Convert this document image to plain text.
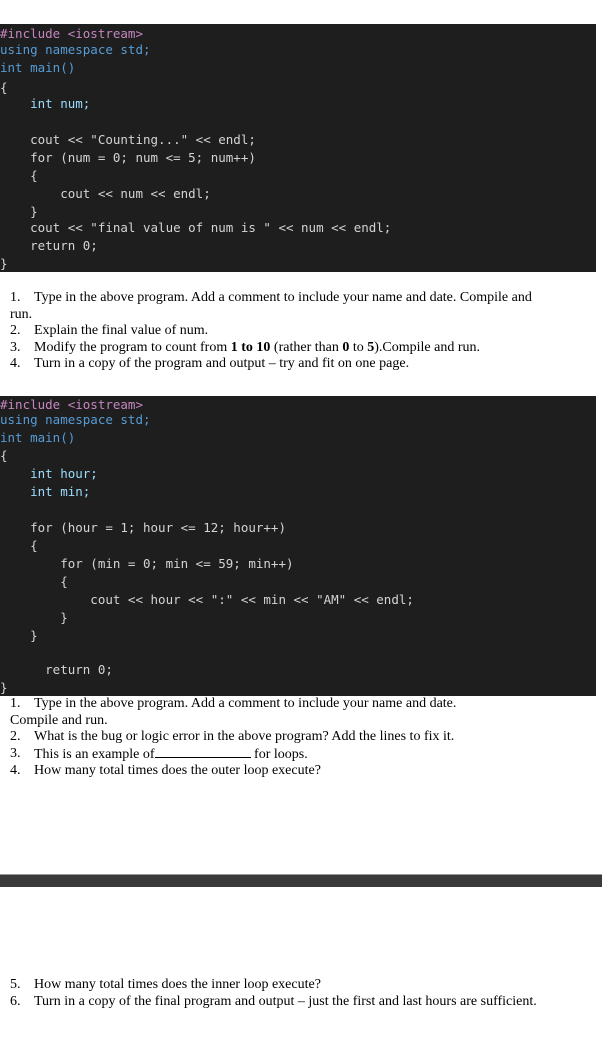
#include <iostream>

using namespace std;

int main()

{

int num;

cout << "Counting..." << endl;

for (num = 0; num <= 5; num++)

{

cout << num << endl;

}

cout << "final value of num is " << num << endl;

return 0;

}

1. Type in the above program. Add a comment to include your name and date. Compile and
run.
2. Explain the final value of num.
3. Modify the program to count from 1 to 10 (rather than 0 to 5).Compile and run.
4. Turn in a copy of the program and output – try and fit on one page.

#include <iostream>

using namespace std;

int main()

{

int hour;

int min;

for (hour = 1; hour <= 12; hour++)

{

for (min = 0; min <= 59; min++)

{

cout << hour << ":" << min << "AM" << endl;

}

}

return 0;

}

1. Type in the above program. Add a comment to include your name and date.
Compile and run.
2. What is the bug or logic error in the above program? Add the lines to fix it.
3. This is an example of	for loops.
4. How many total times does the outer loop execute?
5. How many total times does the inner loop execute?
6. Turn in a copy of the final program and output – just the first and last hours are sufficient.
